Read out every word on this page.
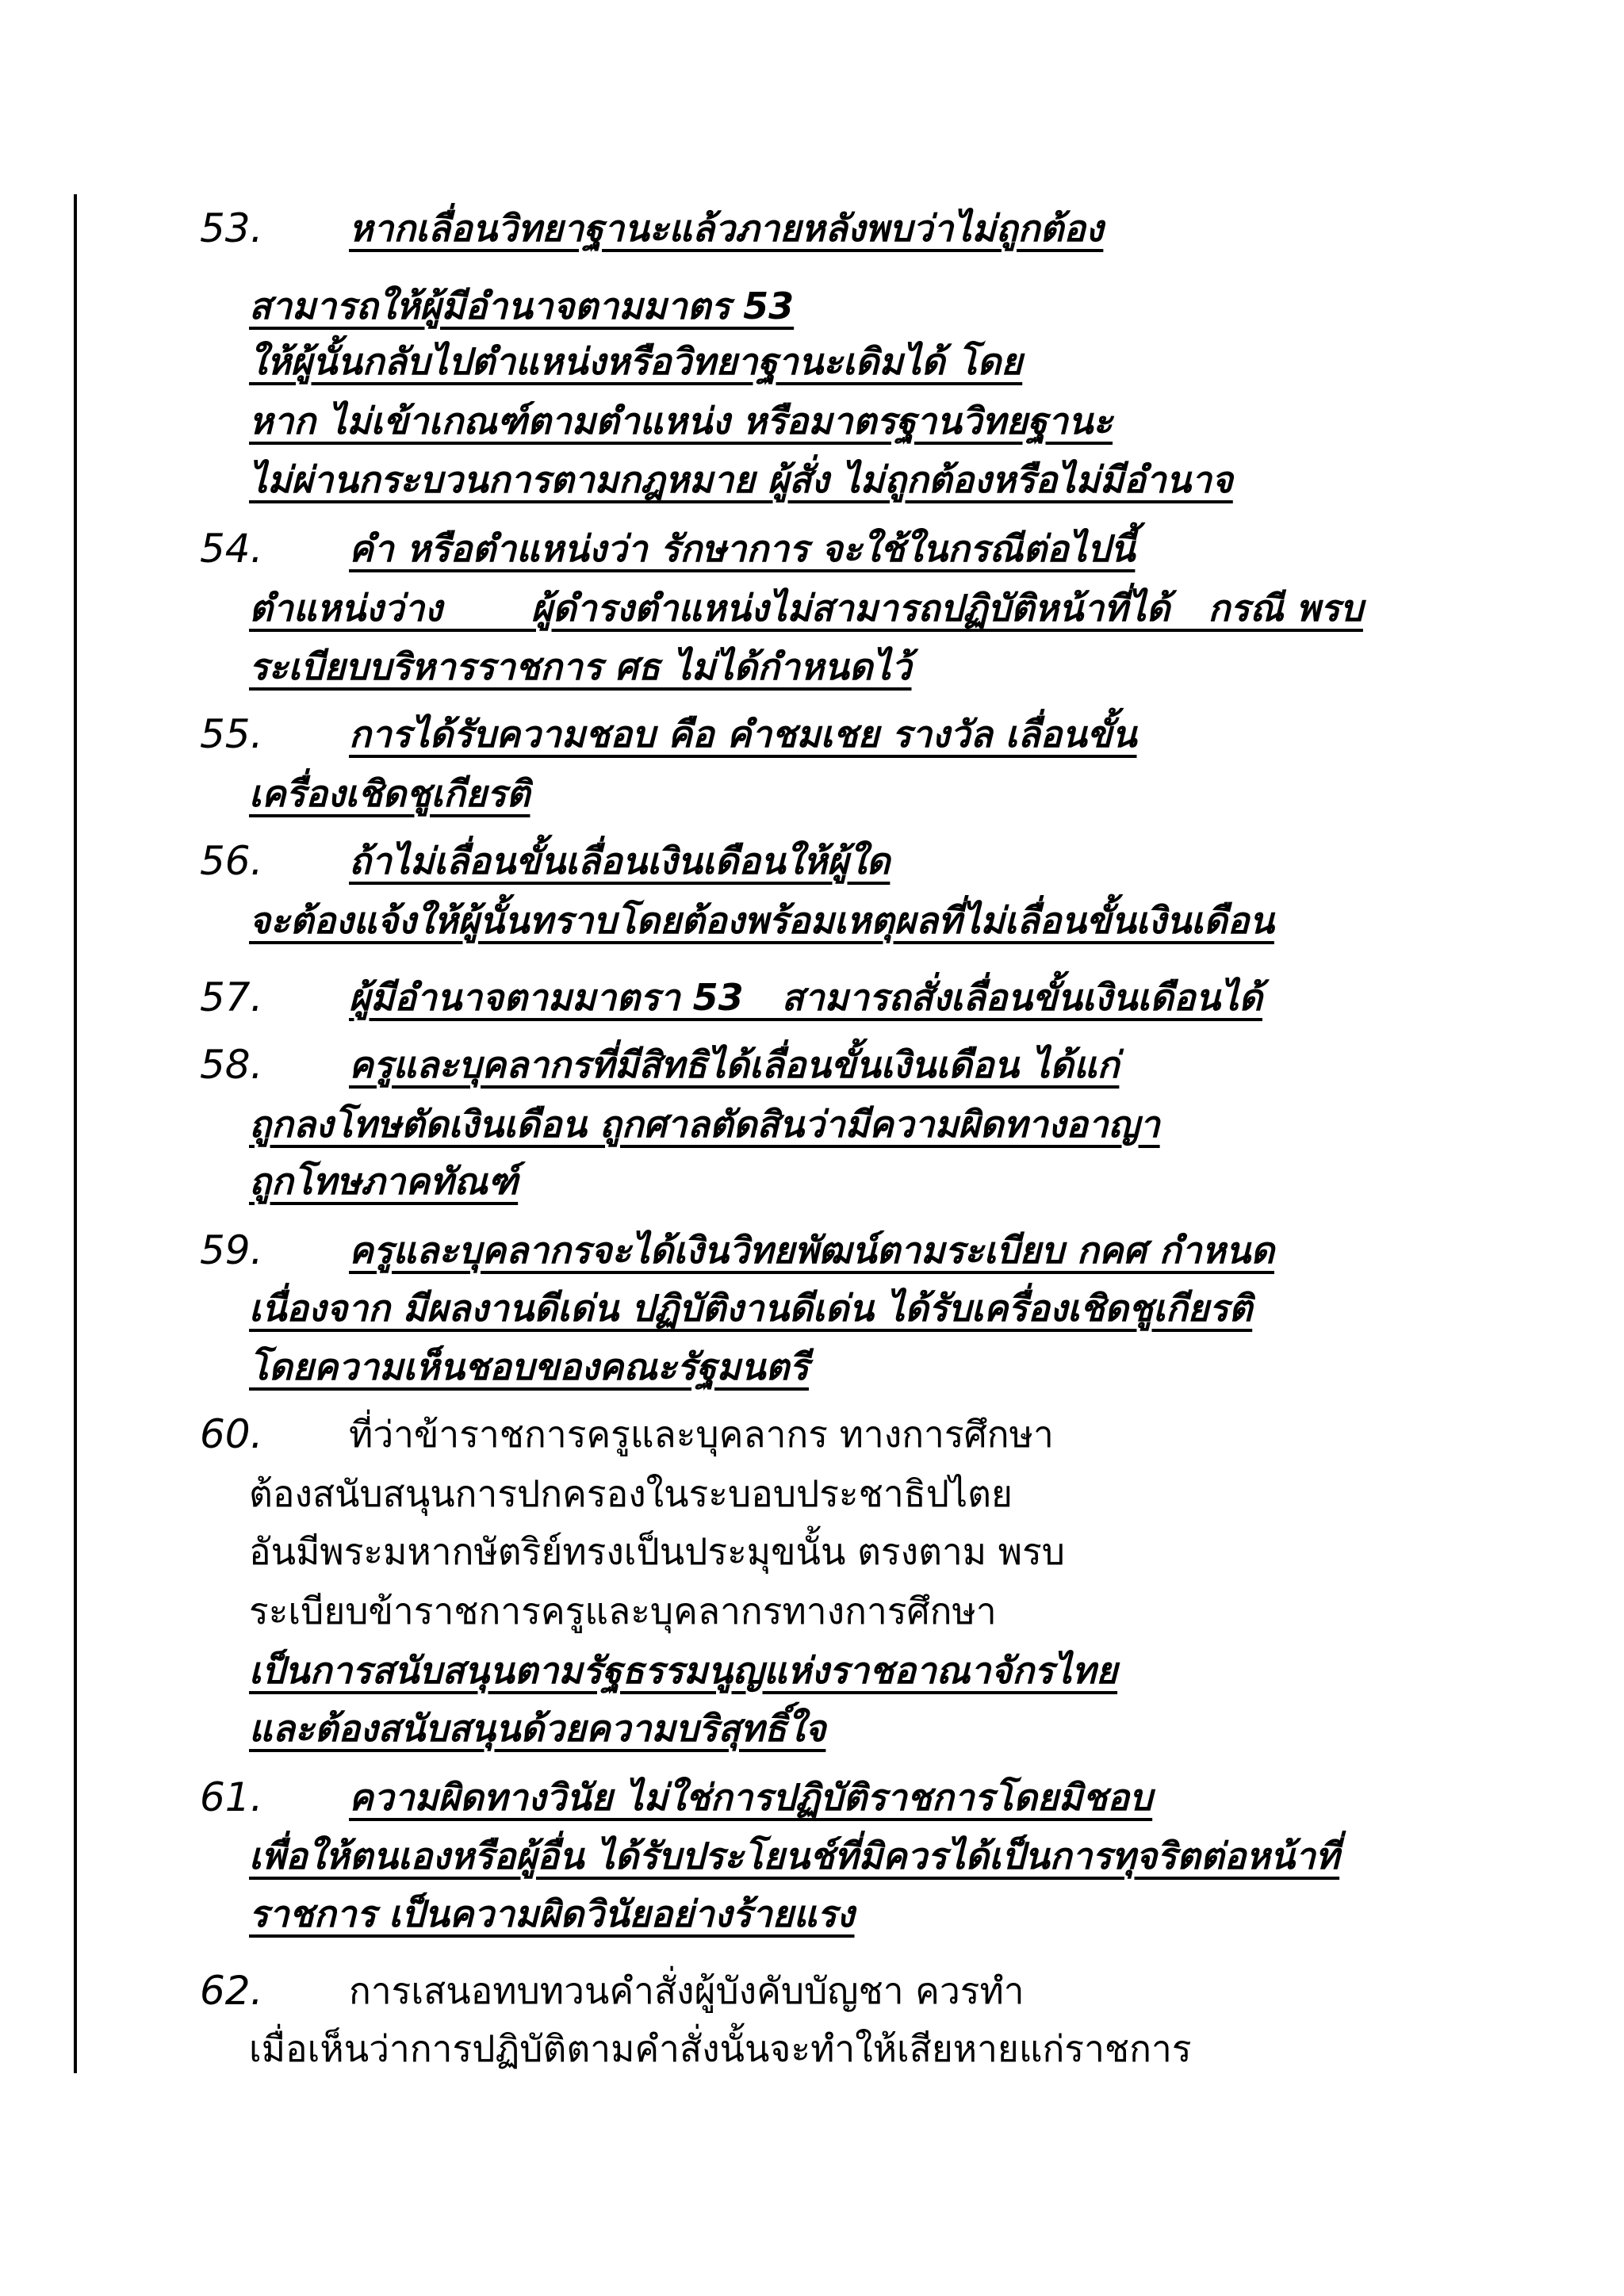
53. หากเลื่อนวิทยาฐานะแล้วภายหลังพบว่าไม่ถูกต้อง
สามารถให้ผู้มีอำนาจตามมาตร 53
ให้ผู้นั้นกลับไปตำแหน่งหรือวิทยาฐานะเดิมได้ โดย
หาก ไม่เข้าเกณฑ์ตามตำแหน่ง หรือมาตรฐานวิทยฐานะ
ไม่ผ่านกระบวนการตามกฎหมาย ผู้สั่ง ไม่ถูกต้องหรือไม่มีอำนาจ
54. คำ หรือตำแหน่งว่า รักษาการ จะใช้ในกรณีต่อไปนี้
ตำแหน่งว่าง       ผู้ดำรงตำแหน่งไม่สามารถปฏิบัติหน้าที่ได้   กรณี พรบ
ระเบียบบริหารราชการ ศธ ไม่ได้กำหนดไว้
55. การได้รับความชอบ คือ คำชมเชย รางวัล เลื่อนขั้น
เครื่องเชิดชูเกียรติ
56. ถ้าไม่เลื่อนขั้นเลื่อนเงินเดือนให้ผู้ใด
จะต้องแจ้งให้ผู้นั้นทราบโดยต้องพร้อมเหตุผลที่ไม่เลื่อนขั้นเงินเดือน
57. ผู้มีอำนาจตามมาตรา 53   สามารถสั่งเลื่อนขั้นเงินเดือนได้
58. ครูและบุคลากรที่มีสิทธิได้เลื่อนขั้นเงินเดือน ได้แก่
ถูกลงโทษตัดเงินเดือน ถูกศาลตัดสินว่ามีความผิดทางอาญา
ถูกโทษภาคทัณฑ์
59. ครูและบุคลากรจะได้เงินวิทยพัฒน์ตามระเบียบ กคศ กำหนด
เนื่องจาก มีผลงานดีเด่น ปฏิบัติงานดีเด่น ได้รับเครื่องเชิดชูเกียรติ
โดยความเห็นชอบของคณะรัฐมนตรี
60. ที่ว่าข้าราชการครูและบุคลากร ทางการศึกษา
ต้องสนับสนุนการปกครองในระบอบประชาธิปไตย
อันมีพระมหากษัตริย์ทรงเป็นประมุขนั้น ตรงตาม พรบ
ระเบียบข้าราชการครูและบุคลากรทางการศึกษา
เป็นการสนับสนุนตามรัฐธรรมนูญแห่งราชอาณาจักรไทย
และต้องสนับสนุนด้วยความบริสุทธิ์ใจ
61. ความผิดทางวินัย ไม่ใช่การปฏิบัติราชการโดยมิชอบ
เพื่อให้ตนเองหรือผู้อื่น ได้รับประโยนช์ที่มิควรได้เป็นการทุจริตต่อหน้าที่
ราชการ เป็นความผิดวินัยอย่างร้ายแรง
62. การเสนอทบทวนคำสั่งผู้บังคับบัญชา ควรทำ
เมื่อเห็นว่าการปฏิบัติตามคำสั่งนั้นจะทำให้เสียหายแก่ราชการ
